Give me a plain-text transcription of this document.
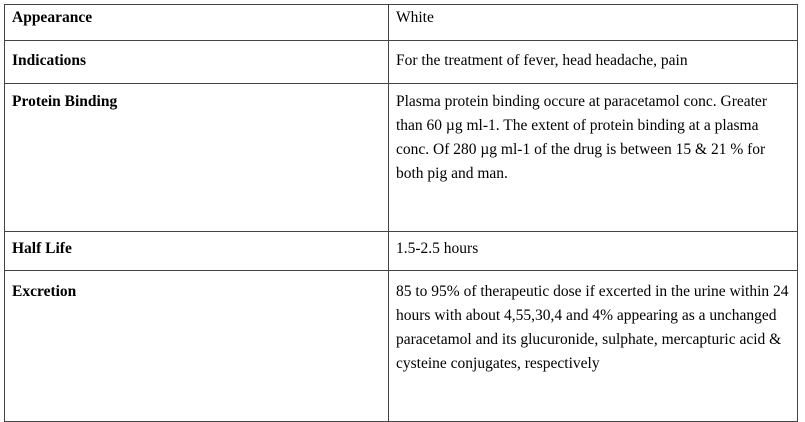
Appearance	White
Indications	For the treatment of fever, head headache, pain
Protein Binding	Plasma protein binding occure at paracetamol conc. Greater than 60 µg ml-1. The extent of protein binding at a plasma conc. Of 280 µg ml-1 of the drug is between 15 & 21 % for both pig and man.
Half Life	1.5-2.5 hours
Excretion	85 to 95% of therapeutic dose if excerted in the urine within 24 hours with about 4,55,30,4 and 4% appearing as a unchanged paracetamol and its glucuronide, sulphate, mercapturic acid & cysteine conjugates, respectively
